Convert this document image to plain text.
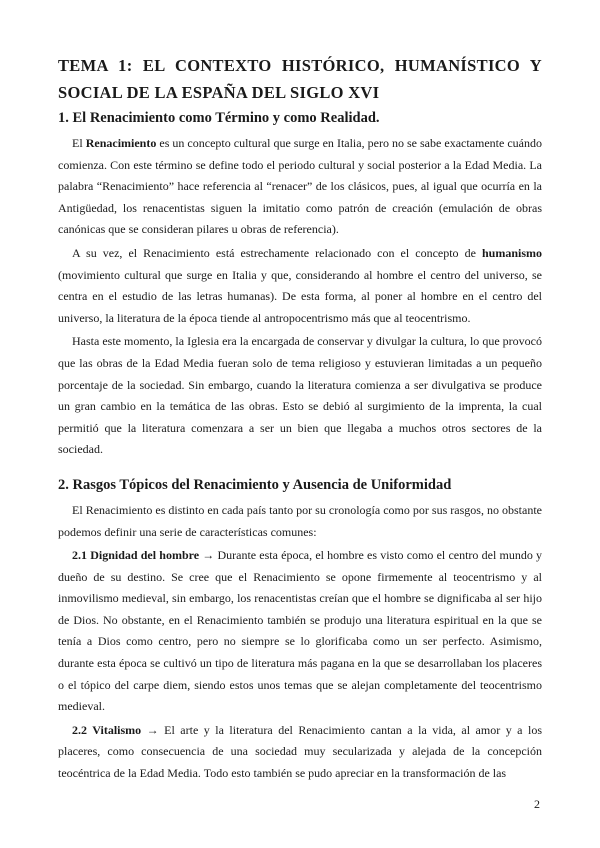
TEMA 1: EL CONTEXTO HISTÓRICO, HUMANÍSTICO Y SOCIAL DE LA ESPAÑA DEL SIGLO XVI
1. El Renacimiento como Término y como Realidad.

El Renacimiento es un concepto cultural que surge en Italia, pero no se sabe exactamente cuándo comienza. Con este término se define todo el periodo cultural y social posterior a la Edad Media. La palabra “Renacimiento” hace referencia al “renacer” de los clásicos, pues, al igual que ocurría en la Antigüedad, los renacentistas siguen la imitatio como patrón de creación (emulación de obras canónicas que se consideran pilares u obras de referencia).

A su vez, el Renacimiento está estrechamente relacionado con el concepto de humanismo (movimiento cultural que surge en Italia y que, considerando al hombre el centro del universo, se centra en el estudio de las letras humanas). De esta forma, al poner al hombre en el centro del universo, la literatura de la época tiende al antropocentrismo más que al teocentrismo.

Hasta este momento, la Iglesia era la encargada de conservar y divulgar la cultura, lo que provocó que las obras de la Edad Media fueran solo de tema religioso y estuvieran limitadas a un pequeño porcentaje de la sociedad. Sin embargo, cuando la literatura comienza a ser divulgativa se produce un gran cambio en la temática de las obras. Esto se debió al surgimiento de la imprenta, la cual permitió que la literatura comenzara a ser un bien que llegaba a muchos otros sectores de la sociedad.

2. Rasgos Tópicos del Renacimiento y Ausencia de Uniformidad

El Renacimiento es distinto en cada país tanto por su cronología como por sus rasgos, no obstante podemos definir una serie de características comunes:

2.1 Dignidad del hombre → Durante esta época, el hombre es visto como el centro del mundo y dueño de su destino. Se cree que el Renacimiento se opone firmemente al teocentrismo y al inmovilismo medieval, sin embargo, los renacentistas creían que el hombre se dignificaba al ser hijo de Dios. No obstante, en el Renacimiento también se produjo una literatura espiritual en la que se tenía a Dios como centro, pero no siempre se lo glorificaba como un ser perfecto. Asimismo, durante esta época se cultivó un tipo de literatura más pagana en la que se desarrollaban los placeres o el tópico del carpe diem, siendo estos unos temas que se alejan completamente del teocentrismo medieval.

2.2 Vitalismo → El arte y la literatura del Renacimiento cantan a la vida, al amor y a los placeres, como consecuencia de una sociedad muy secularizada y alejada de la concepción teocéntrica de la Edad Media. Todo esto también se pudo apreciar en la transformación de las

2
